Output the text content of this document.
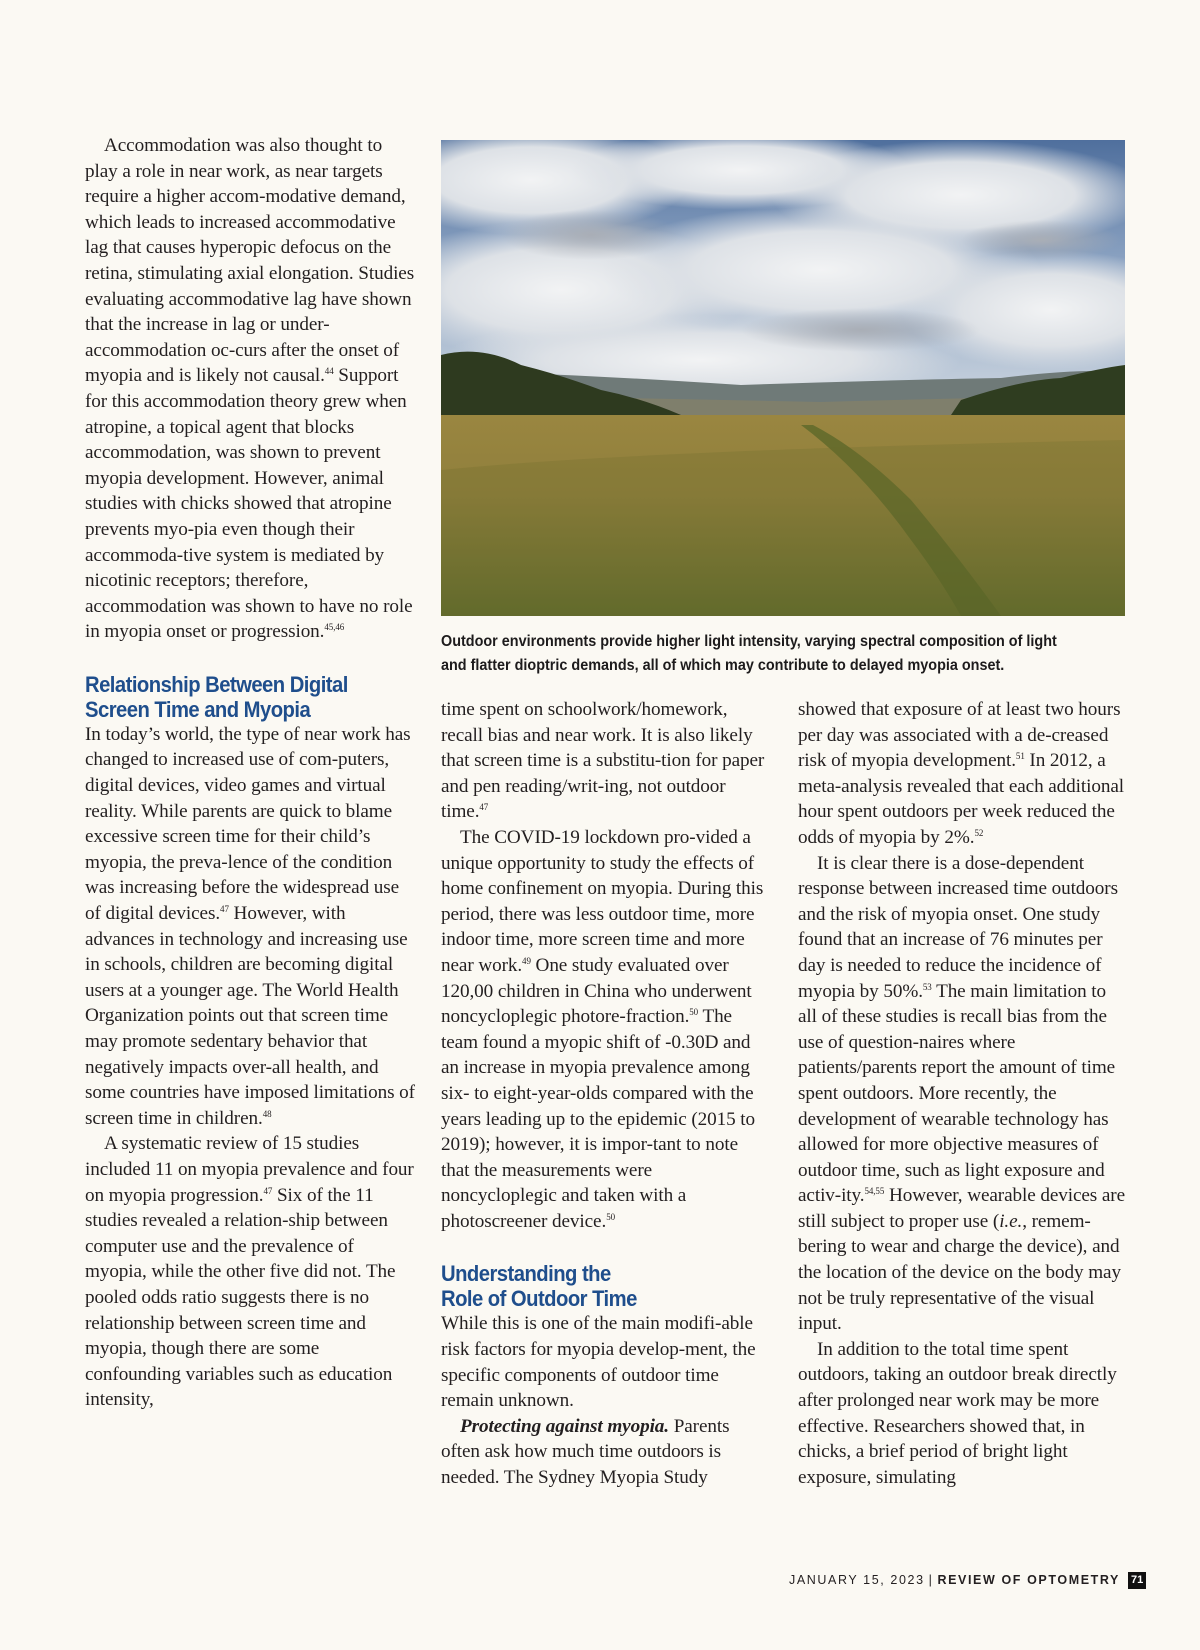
Accommodation was also thought to play a role in near work, as near targets require a higher accom-modative demand, which leads to increased accommodative lag that causes hyperopic defocus on the retina, stimulating axial elongation. Studies evaluating accommodative lag have shown that the increase in lag or under-accommodation oc-curs after the onset of myopia and is likely not causal.$^{44}$ Support for this accommodation theory grew when atropine, a topical agent that blocks accommodation, was shown to prevent myopia development. However, animal studies with chicks showed that atropine prevents myo-pia even though their accommoda-tive system is mediated by nicotinic receptors; therefore, accommodation was shown to have no role in myopia onset or progression.$^{45,46}$

Relationship Between Digital
Screen Time and Myopia

In today’s world, the type of near work has changed to increased use of com-puters, digital devices, video games and virtual reality. While parents are quick to blame excessive screen time for their child’s myopia, the preva-lence of the condition was increasing before the widespread use of digital devices.$^{47}$ However, with advances in technology and increasing use in schools, children are becoming digital users at a younger age. The World Health Organization points out that screen time may promote sedentary behavior that negatively impacts over-all health, and some countries have imposed limitations of screen time in children.$^{48}$

A systematic review of 15 studies included 11 on myopia prevalence and four on myopia progression.$^{47}$ Six of the 11 studies revealed a relation-ship between computer use and the prevalence of myopia, while the other five did not. The pooled odds ratio suggests there is no relationship between screen time and myopia, though there are some confounding variables such as education intensity,

Outdoor environments provide higher light intensity, varying spectral composition of light and flatter dioptric demands, all of which may contribute to delayed myopia onset.

time spent on schoolwork/homework, recall bias and near work. It is also likely that screen time is a substitu-tion for paper and pen reading/writ-ing, not outdoor time.$^{47}$

The COVID-19 lockdown pro-vided a unique opportunity to study the effects of home confinement on myopia. During this period, there was less outdoor time, more indoor time, more screen time and more near work.$^{49}$ One study evaluated over 120,00 children in China who underwent noncycloplegic photore-fraction.$^{50}$ The team found a myopic shift of -0.30D and an increase in myopia prevalence among six- to eight-year-olds compared with the years leading up to the epidemic (2015 to 2019); however, it is impor-tant to note that the measurements were noncycloplegic and taken with a photoscreener device.$^{50}$

Understanding the
Role of Outdoor Time

While this is one of the main modifi-able risk factors for myopia develop-ment, the specific components of outdoor time remain unknown.

Protecting against myopia. Parents often ask how much time outdoors is needed. The Sydney Myopia Study

showed that exposure of at least two hours per day was associated with a de-creased risk of myopia development.$^{51}$ In 2012, a meta-analysis revealed that each additional hour spent outdoors per week reduced the odds of myopia by 2%.$^{52}$

It is clear there is a dose-dependent response between increased time outdoors and the risk of myopia onset. One study found that an increase of 76 minutes per day is needed to reduce the incidence of myopia by 50%.$^{53}$ The main limitation to all of these studies is recall bias from the use of question-naires where patients/parents report the amount of time spent outdoors. More recently, the development of wearable technology has allowed for more objective measures of outdoor time, such as light exposure and activ-ity.$^{54,55}$ However, wearable devices are still subject to proper use (i.e., remem-bering to wear and charge the device), and the location of the device on the body may not be truly representative of the visual input.

In addition to the total time spent outdoors, taking an outdoor break directly after prolonged near work may be more effective. Researchers showed that, in chicks, a brief period of bright light exposure, simulating

JANUARY 15, 2023 | REVIEW OF OPTOMETRY 71
